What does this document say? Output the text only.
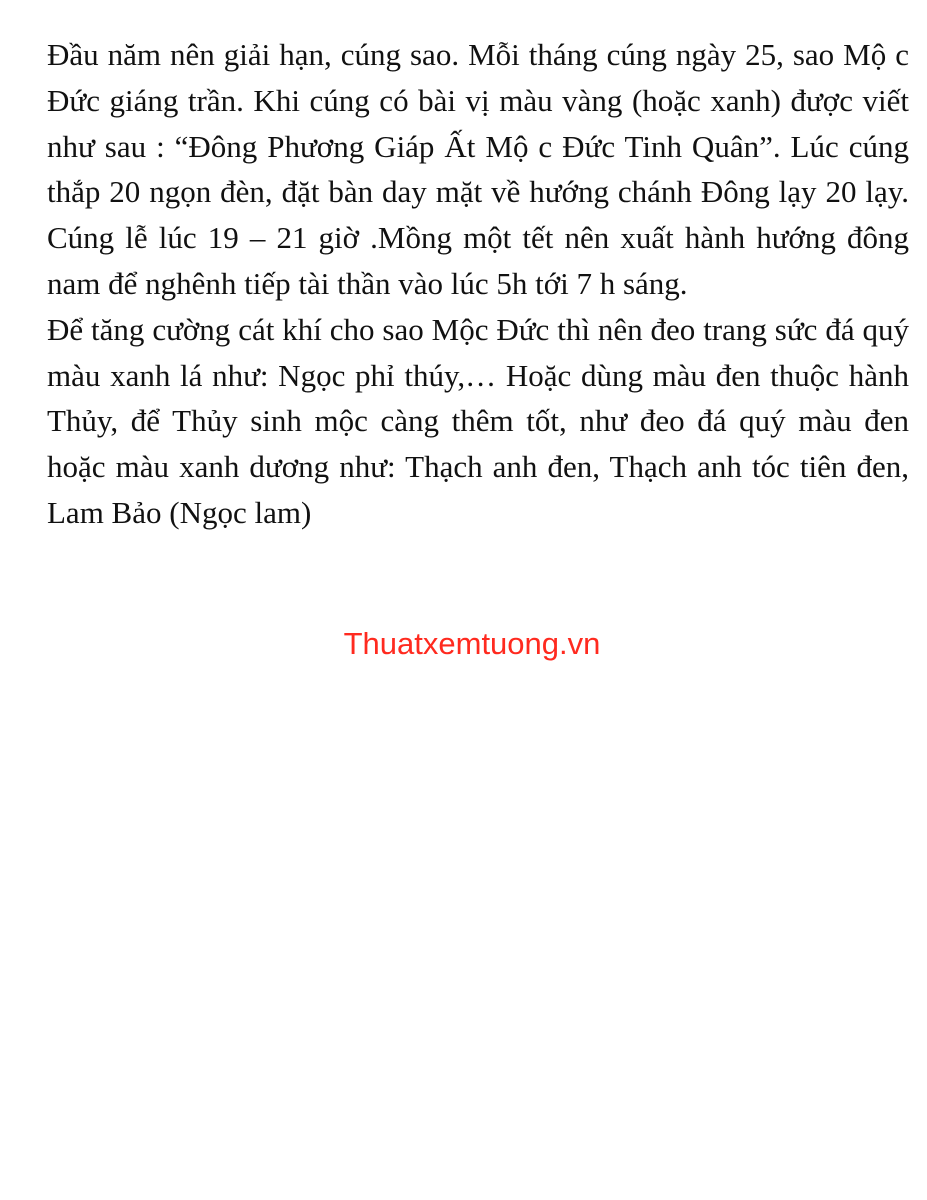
Đầu năm nên giải hạn, cúng sao. Mỗi tháng cúng ngày 25, sao Mộ c Đức giáng trần. Khi cúng có bài vị màu vàng (hoặc xanh) được viết như sau : “Đông Phương Giáp Ất Mộ c Đức Tinh Quân”. Lúc cúng thắp 20 ngọn đèn, đặt bàn day mặt về hướng chánh Đông lạy 20 lạy. Cúng lễ lúc 19 – 21 giờ .Mồng một tết nên xuất hành hướng đông nam để nghênh tiếp tài thần vào lúc 5h tới 7 h sáng.

Để tăng cường cát khí cho sao Mộc Đức thì nên đeo trang sức đá quý màu xanh lá như: Ngọc phỉ thúy,… Hoặc dùng màu đen thuộc hành Thủy, để Thủy sinh mộc càng thêm tốt, như đeo đá quý màu đen hoặc màu xanh dương như: Thạch anh đen, Thạch anh tóc tiên đen, Lam Bảo (Ngọc lam)

Thuatxemtuong.vn
